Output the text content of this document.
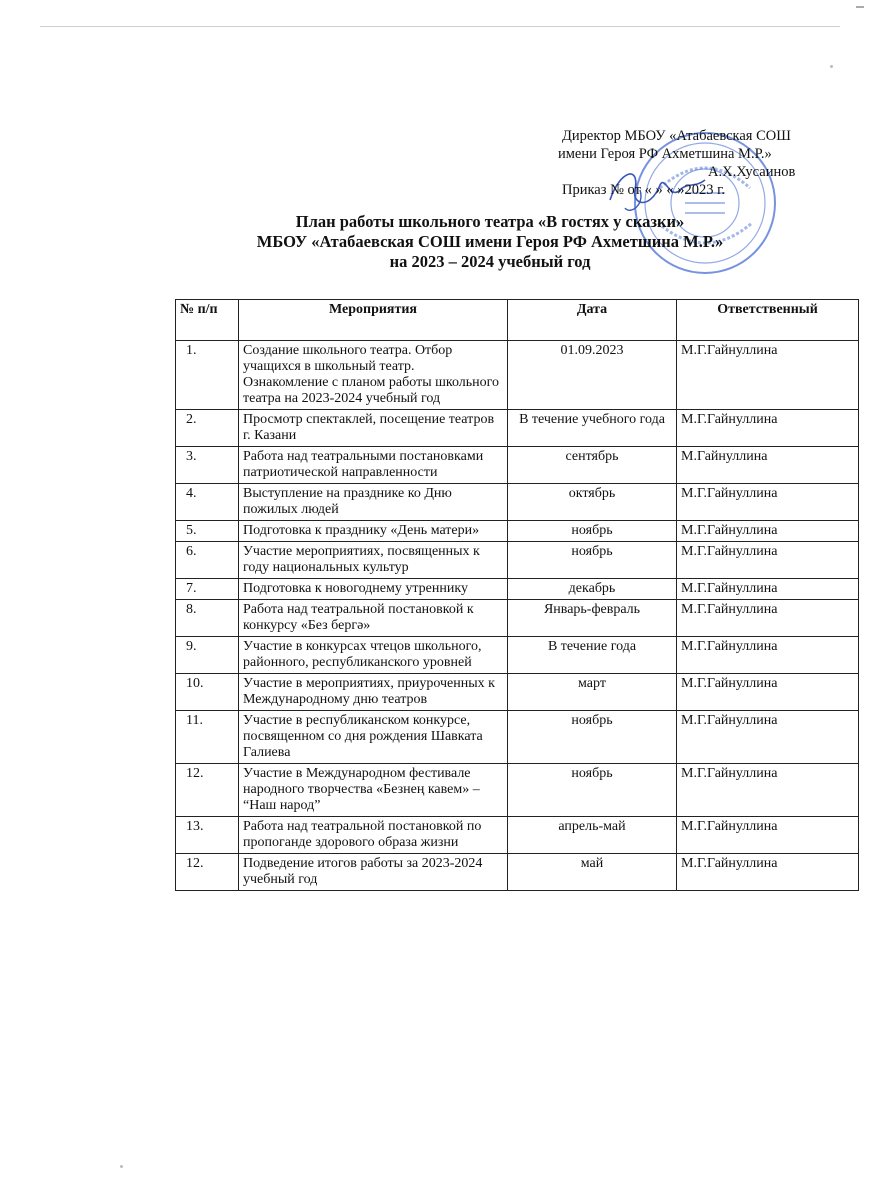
Директор МБОУ «Атабаевская СОШ
имени Героя РФ Ахметшина М.Р.»
А.Х.Хусаинов
Приказ № от « » « »2023 г.
План работы школьного театра «В гостях у сказки»
МБОУ «Атабаевская СОШ имени Героя РФ Ахметшина М.Р.»
на 2023 – 2024 учебный год
№ п/п	Мероприятия	Дата	Ответственный
1.	Создание школьного театра. Отбор учащихся в школьный театр. Ознакомление с планом работы школьного театра на 2023-2024 учебный год	01.09.2023	М.Г.Гайнуллина
2.	Просмотр спектаклей, посещение театров г. Казани	В течение учебного года	М.Г.Гайнуллина
3.	Работа над театральными постановками патриотической направленности	сентябрь	М.Гайнуллина
4.	Выступление на празднике ко Дню пожилых людей	октябрь	М.Г.Гайнуллина
5.	Подготовка к празднику «День матери»	ноябрь	М.Г.Гайнуллина
6.	Участие мероприятиях, посвященных к году национальных культур	ноябрь	М.Г.Гайнуллина
7.	Подготовка к новогоднему утреннику	декабрь	М.Г.Гайнуллина
8.	Работа над театральной постановкой к конкурсу «Без бергә»	Январь-февраль	М.Г.Гайнуллина
9.	Участие в конкурсах чтецов школьного, районного, республиканского уровней	В течение года	М.Г.Гайнуллина
10.	Участие в мероприятиях, приуроченных к Международному дню театров	март	М.Г.Гайнуллина
11.	Участие в республиканском конкурсе, посвященном со дня рождения Шавката Галиева	ноябрь	М.Г.Гайнуллина
12.	Участие в Международном фестивале народного творчества «Безнең кавем» – “Наш народ”	ноябрь	М.Г.Гайнуллина
13.	Работа над театральной постановкой по пропоганде здорового образа жизни	апрель-май	М.Г.Гайнуллина
12.	Подведение итогов работы за 2023-2024 учебный год	май	М.Г.Гайнуллина
